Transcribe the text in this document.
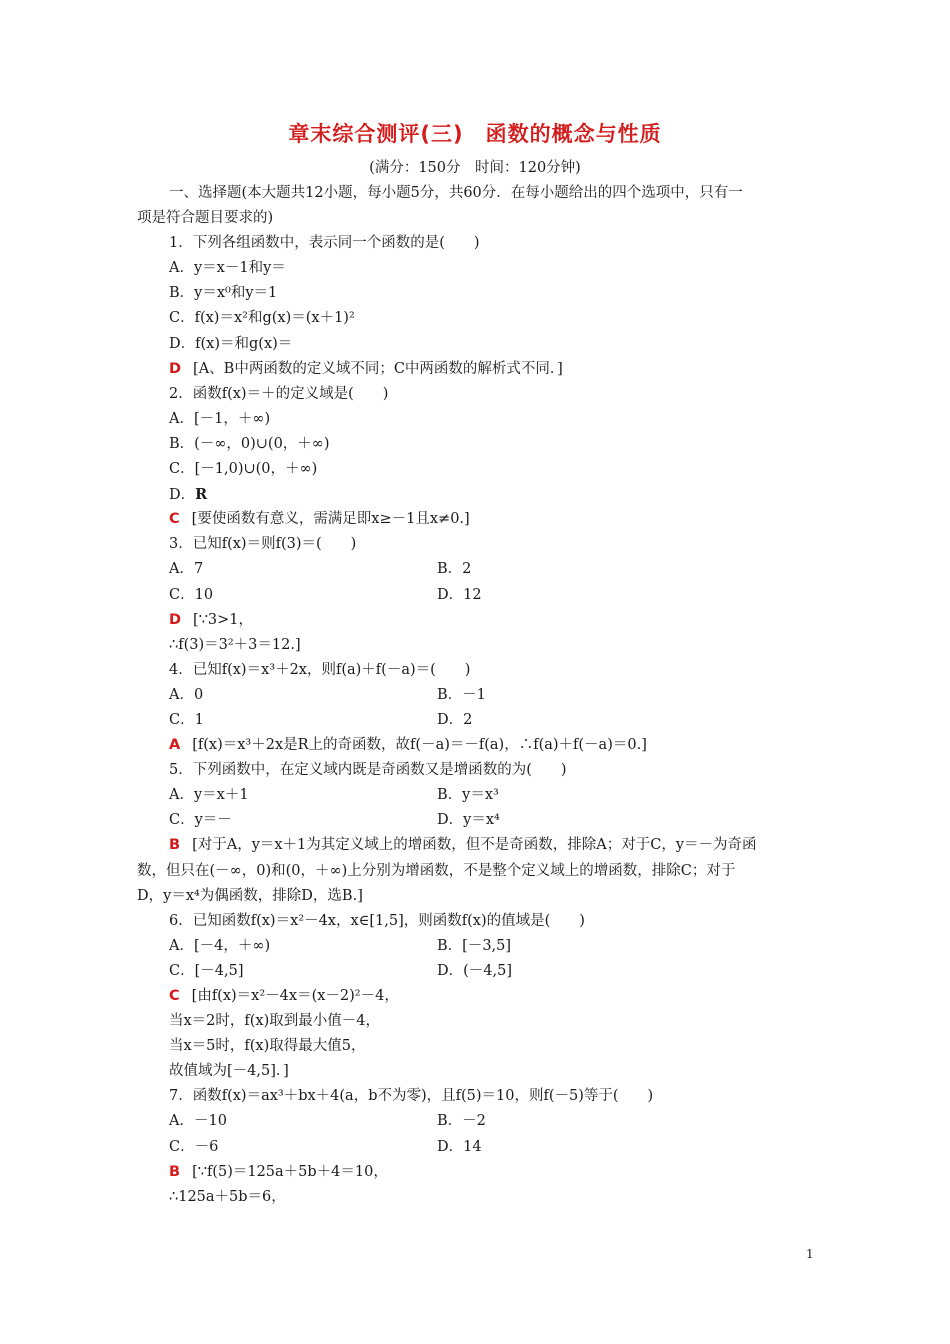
章末综合测评(三)　函数的概念与性质
(满分：150分　时间：120分钟)
一、选择题(本大题共12小题，每小题5分，共60分．在每小题给出的四个选项中，只有一
项是符合题目要求的)
1．下列各组函数中，表示同一个函数的是(　　)
A．y＝x－1和y＝
B．y＝x⁰和y＝1
C．f(x)＝x²和g(x)＝(x＋1)²
D．f(x)＝和g(x)＝
D [A、B中两函数的定义域不同；C中两函数的解析式不同．]
2．函数f(x)＝＋的定义域是(　　)
A．[－1，＋∞)
B．(－∞，0)∪(0，＋∞)
C．[－1,0)∪(0，＋∞)
D．R
C [要使函数有意义，需满足即x≥－1且x≠0.]
3．已知f(x)＝则f(3)＝(　　)
A．7	B．2
C．10	D．12
D [∵3>1，
∴f(3)＝3²＋3＝12.]
4．已知f(x)＝x³＋2x，则f(a)＋f(－a)＝(　　)
A．0	B．－1
C．1	D．2
A [f(x)＝x³＋2x是R上的奇函数，故f(－a)＝－f(a)，∴f(a)＋f(－a)＝0.]
5．下列函数中，在定义域内既是奇函数又是增函数的为(　　)
A．y＝x＋1	B．y＝x³
C．y＝－	D．y＝x⁴
B [对于A，y＝x＋1为其定义域上的增函数，但不是奇函数，排除A；对于C，y＝－为奇函
数，但只在(－∞，0)和(0，＋∞)上分别为增函数，不是整个定义域上的增函数，排除C；对于
D，y＝x⁴为偶函数，排除D，选B.]
6．已知函数f(x)＝x²－4x，x∈[1,5]，则函数f(x)的值域是(　　)
A．[－4，＋∞)	B．[－3,5]
C．[－4,5]	D．(－4,5]
C [由f(x)＝x²－4x＝(x－2)²－4，
当x＝2时，f(x)取到最小值－4，
当x＝5时，f(x)取得最大值5，
故值域为[－4,5]．]
7．函数f(x)＝ax³＋bx＋4(a，b不为零)，且f(5)＝10，则f(－5)等于(　　)
A．－10	B．－2
C．－6	D．14
B [∵f(5)＝125a＋5b＋4＝10，
∴125a＋5b＝6，
1
